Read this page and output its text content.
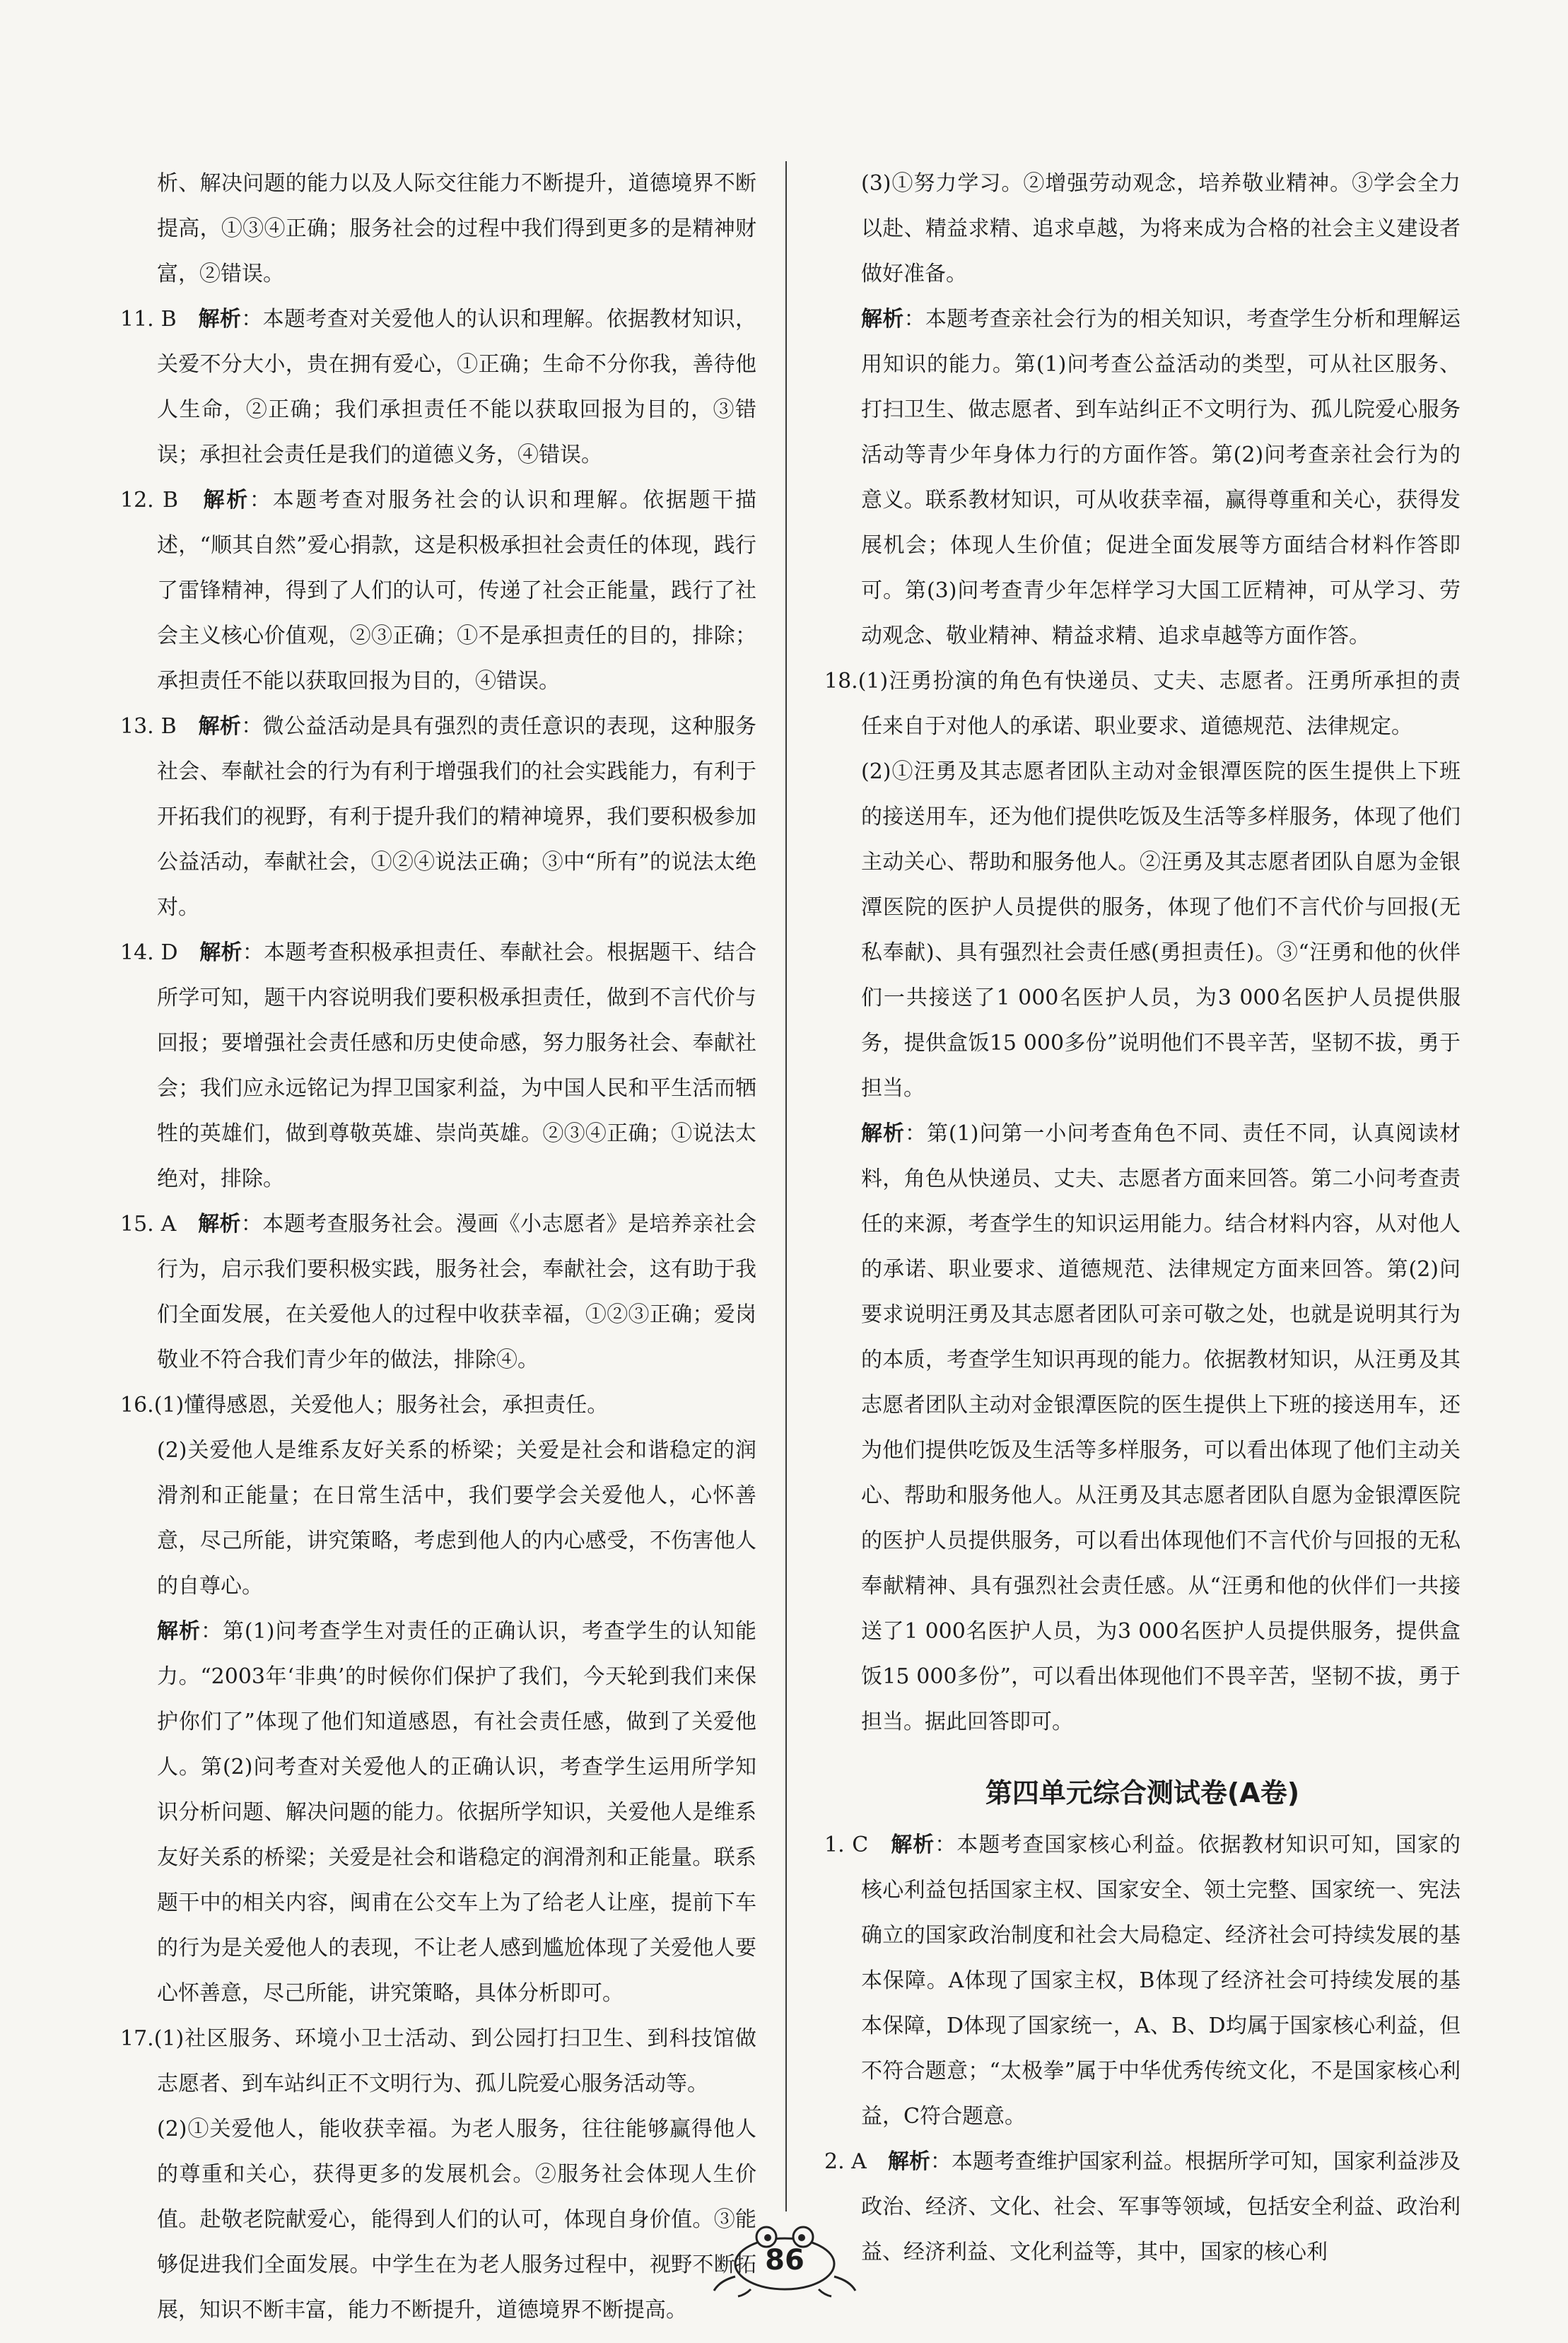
析、解决问题的能力以及人际交往能力不断提升，道德境界不断提高，①③④正确；服务社会的过程中我们得到更多的是精神财富，②错误。

11. B　 解析：本题考查对关爱他人的认识和理解。依据教材知识，关爱不分大小，贵在拥有爱心，①正确；生命不分你我，善待他人生命，②正确；我们承担责任不能以获取回报为目的，③错误；承担社会责任是我们的道德义务，④错误。

12. B　 解析：本题考查对服务社会的认识和理解。依据题干描述，“顺其自然”爱心捐款，这是积极承担社会责任的体现，践行了雷锋精神，得到了人们的认可，传递了社会正能量，践行了社会主义核心价值观，②③正确；①不是承担责任的目的，排除；承担责任不能以获取回报为目的，④错误。

13. B　 解析：微公益活动是具有强烈的责任意识的表现，这种服务社会、奉献社会的行为有利于增强我们的社会实践能力，有利于开拓我们的视野，有利于提升我们的精神境界，我们要积极参加公益活动，奉献社会，①②④说法正确；③中“所有”的说法太绝对。

14. D　 解析：本题考查积极承担责任、奉献社会。根据题干、结合所学可知，题干内容说明我们要积极承担责任，做到不言代价与回报；要增强社会责任感和历史使命感，努力服务社会、奉献社会；我们应永远铭记为捍卫国家利益，为中国人民和平生活而牺牲的英雄们，做到尊敬英雄、崇尚英雄。②③④正确；①说法太绝对，排除。

15. A　 解析：本题考查服务社会。漫画《小志愿者》是培养亲社会行为，启示我们要积极实践，服务社会，奉献社会，这有助于我们全面发展，在关爱他人的过程中收获幸福，①②③正确；爱岗敬业不符合我们青少年的做法，排除④。

16.(1)懂得感恩，关爱他人；服务社会，承担责任。

(2)关爱他人是维系友好关系的桥梁；关爱是社会和谐稳定的润滑剂和正能量；在日常生活中，我们要学会关爱他人，心怀善意，尽己所能，讲究策略，考虑到他人的内心感受，不伤害他人的自尊心。

解析：第(1)问考查学生对责任的正确认识，考查学生的认知能力。“2003年‘非典’的时候你们保护了我们，今天轮到我们来保护你们了”体现了他们知道感恩，有社会责任感，做到了关爱他人。第(2)问考查对关爱他人的正确认识，考查学生运用所学知识分析问题、解决问题的能力。依据所学知识，关爱他人是维系友好关系的桥梁；关爱是社会和谐稳定的润滑剂和正能量。联系题干中的相关内容，闽甫在公交车上为了给老人让座，提前下车的行为是关爱他人的表现，不让老人感到尴尬体现了关爱他人要心怀善意，尽己所能，讲究策略，具体分析即可。

17.(1)社区服务、环境小卫士活动、到公园打扫卫生、到科技馆做志愿者、到车站纠正不文明行为、孤儿院爱心服务活动等。

(2)①关爱他人，能收获幸福。为老人服务，往往能够赢得他人的尊重和关心，获得更多的发展机会。②服务社会体现人生价值。赴敬老院献爱心，能得到人们的认可，体现自身价值。③能够促进我们全面发展。中学生在为老人服务过程中，视野不断拓展，知识不断丰富，能力不断提升，道德境界不断提高。

(3)①努力学习。②增强劳动观念，培养敬业精神。③学会全力以赴、精益求精、追求卓越，为将来成为合格的社会主义建设者做好准备。

解析：本题考查亲社会行为的相关知识，考查学生分析和理解运用知识的能力。第(1)问考查公益活动的类型，可从社区服务、打扫卫生、做志愿者、到车站纠正不文明行为、孤儿院爱心服务活动等青少年身体力行的方面作答。第(2)问考查亲社会行为的意义。联系教材知识，可从收获幸福，赢得尊重和关心，获得发展机会；体现人生价值；促进全面发展等方面结合材料作答即可。第(3)问考查青少年怎样学习大国工匠精神，可从学习、劳动观念、敬业精神、精益求精、追求卓越等方面作答。

18.(1)汪勇扮演的角色有快递员、丈夫、志愿者。汪勇所承担的责任来自于对他人的承诺、职业要求、道德规范、法律规定。

(2)①汪勇及其志愿者团队主动对金银潭医院的医生提供上下班的接送用车，还为他们提供吃饭及生活等多样服务，体现了他们主动关心、帮助和服务他人。②汪勇及其志愿者团队自愿为金银潭医院的医护人员提供的服务，体现了他们不言代价与回报(无私奉献)、具有强烈社会责任感(勇担责任)。③“汪勇和他的伙伴们一共接送了1 000名医护人员，为3 000名医护人员提供服务，提供盒饭15 000多份”说明他们不畏辛苦，坚韧不拔，勇于担当。

解析：第(1)问第一小问考查角色不同、责任不同，认真阅读材料，角色从快递员、丈夫、志愿者方面来回答。第二小问考查责任的来源，考查学生的知识运用能力。结合材料内容，从对他人的承诺、职业要求、道德规范、法律规定方面来回答。第(2)问要求说明汪勇及其志愿者团队可亲可敬之处，也就是说明其行为的本质，考查学生知识再现的能力。依据教材知识，从汪勇及其志愿者团队主动对金银潭医院的医生提供上下班的接送用车，还为他们提供吃饭及生活等多样服务，可以看出体现了他们主动关心、帮助和服务他人。从汪勇及其志愿者团队自愿为金银潭医院的医护人员提供服务，可以看出体现他们不言代价与回报的无私奉献精神、具有强烈社会责任感。从“汪勇和他的伙伴们一共接送了1 000名医护人员，为3 000名医护人员提供服务，提供盒饭15 000多份”，可以看出体现他们不畏辛苦，坚韧不拔，勇于担当。据此回答即可。

第四单元综合测试卷(A卷)

1. C　 解析：本题考查国家核心利益。依据教材知识可知，国家的核心利益包括国家主权、国家安全、领土完整、国家统一、宪法确立的国家政治制度和社会大局稳定、经济社会可持续发展的基本保障。A体现了国家主权，B体现了经济社会可持续发展的基本保障，D体现了国家统一，A、B、D均属于国家核心利益，但不符合题意；“太极拳”属于中华优秀传统文化，不是国家核心利益，C符合题意。

2. A　 解析：本题考查维护国家利益。根据所学可知，国家利益涉及政治、经济、文化、社会、军事等领域，包括安全利益、政治利益、经济利益、文化利益等，其中，国家的核心利

86
